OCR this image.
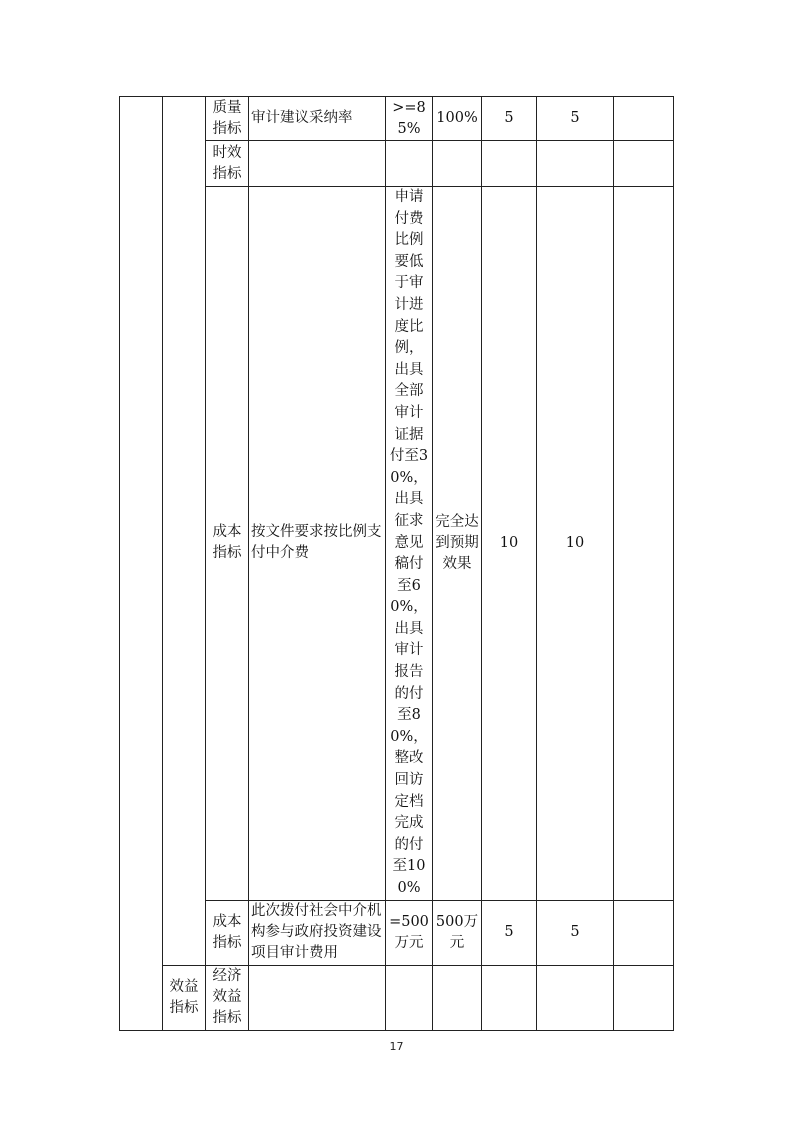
		质量指标	审计建议采纳率	>=85%	100%	5	5	
		时效指标						
		成本指标	按文件要求按比例支付中介费	申请付费比例要低于审计进度比例，出具全部审计证据付至30%，出具征求意见稿付至60%，出具审计报告的付至80%，整改回访定档完成的付至100%	完全达到预期效果	10	10	
		成本指标	此次拨付社会中介机构参与政府投资建设项目审计费用	=500万元	500万元	5	5	

	效益指标	经济效益指标						
17
